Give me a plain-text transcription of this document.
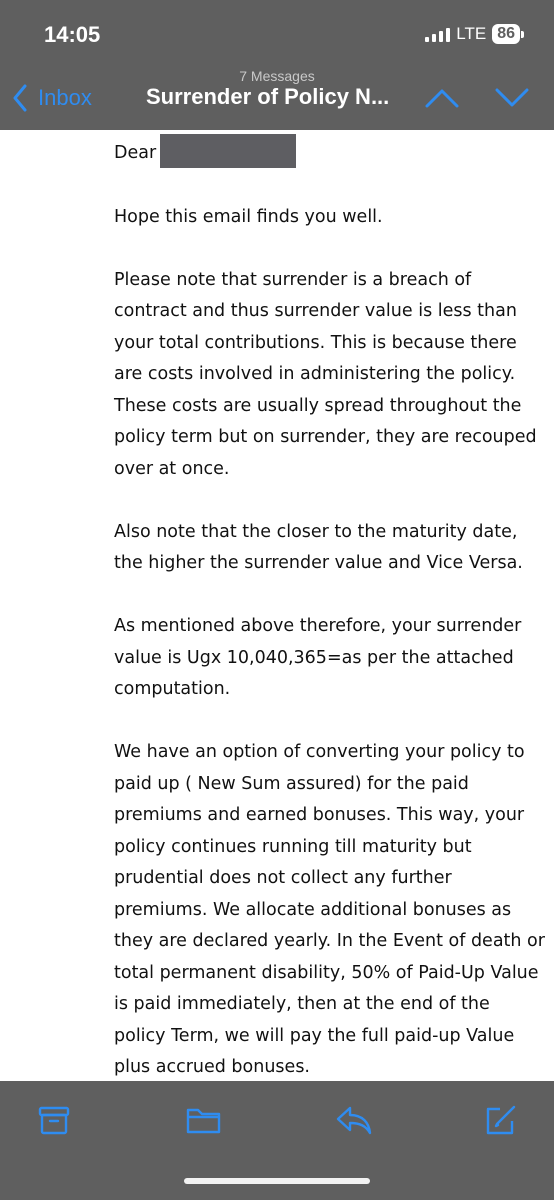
14:05	LTE 86
7 Messages
Inbox Surrender of Policy N...

Dear

Hope this email finds you well.

Please note that surrender is a breach of contract and thus surrender value is less than your total contributions. This is because there are costs involved in administering the policy.

These costs are usually spread throughout the policy term but on surrender, they are recouped over at once.

Also note that the closer to the maturity date, the higher the surrender value and Vice Versa.

As mentioned above therefore, your surrender value is Ugx 10,040,365=as per the attached computation.

We have an option of converting your policy to paid up ( New Sum assured) for the paid premiums and earned bonuses. This way, your policy continues running till maturity but prudential does not collect any further premiums. We allocate additional bonuses as they are declared yearly. In the Event of death or total permanent disability, 50% of Paid-Up Value is paid immediately, then at the end of the policy Term, we will pay the full paid-up Value plus accrued bonuses.
